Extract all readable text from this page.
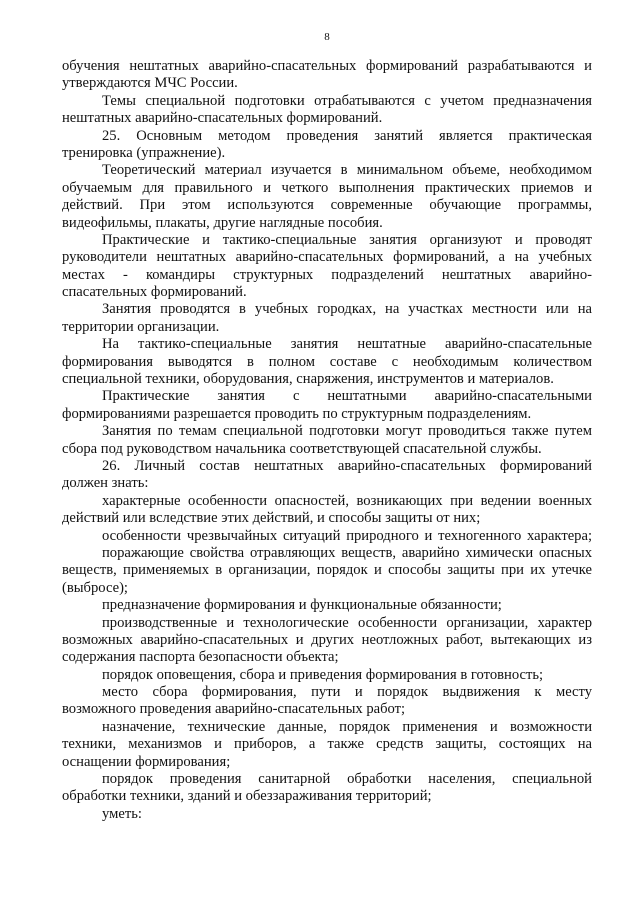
8
обучения нештатных аварийно-спасательных формирований разрабатываются и
утверждаются МЧС России.
Темы специальной подготовки отрабатываются с учетом предназначения
нештатных аварийно-спасательных формирований.
25. Основным методом проведения занятий является практическая
тренировка (упражнение).
Теоретический материал изучается в минимальном объеме, необходимом
обучаемым для правильного и четкого выполнения практических приемов и
действий. При этом используются современные обучающие программы,
видеофильмы, плакаты, другие наглядные пособия.
Практические и тактико-специальные занятия организуют и проводят
руководители нештатных аварийно-спасательных формирований, а на учебных
местах - командиры структурных подразделений нештатных аварийно-
спасательных формирований.
Занятия проводятся в учебных городках, на участках местности или на
территории организации.
На тактико-специальные занятия нештатные аварийно-спасательные
формирования выводятся в полном составе с необходимым количеством
специальной техники, оборудования, снаряжения, инструментов и материалов.
Практические занятия с нештатными аварийно-спасательными
формированиями разрешается проводить по структурным подразделениям.
Занятия по темам специальной подготовки могут проводиться также путем
сбора под руководством начальника соответствующей спасательной службы.
26. Личный состав нештатных аварийно-спасательных формирований
должен знать:
характерные особенности опасностей, возникающих при ведении военных
действий или вследствие этих действий, и способы защиты от них;
особенности чрезвычайных ситуаций природного и техногенного характера;
поражающие свойства отравляющих веществ, аварийно химически опасных
веществ, применяемых в организации, порядок и способы защиты при их утечке
(выбросе);
предназначение формирования и функциональные обязанности;
производственные и технологические особенности организации, характер
возможных аварийно-спасательных и других неотложных работ, вытекающих из
содержания паспорта безопасности объекта;
порядок оповещения, сбора и приведения формирования в готовность;
место сбора формирования, пути и порядок выдвижения к месту
возможного проведения аварийно-спасательных работ;
назначение, технические данные, порядок применения и возможности
техники, механизмов и приборов, а также средств защиты, состоящих на
оснащении формирования;
порядок проведения санитарной обработки населения, специальной
обработки техники, зданий и обеззараживания территорий;
уметь:
